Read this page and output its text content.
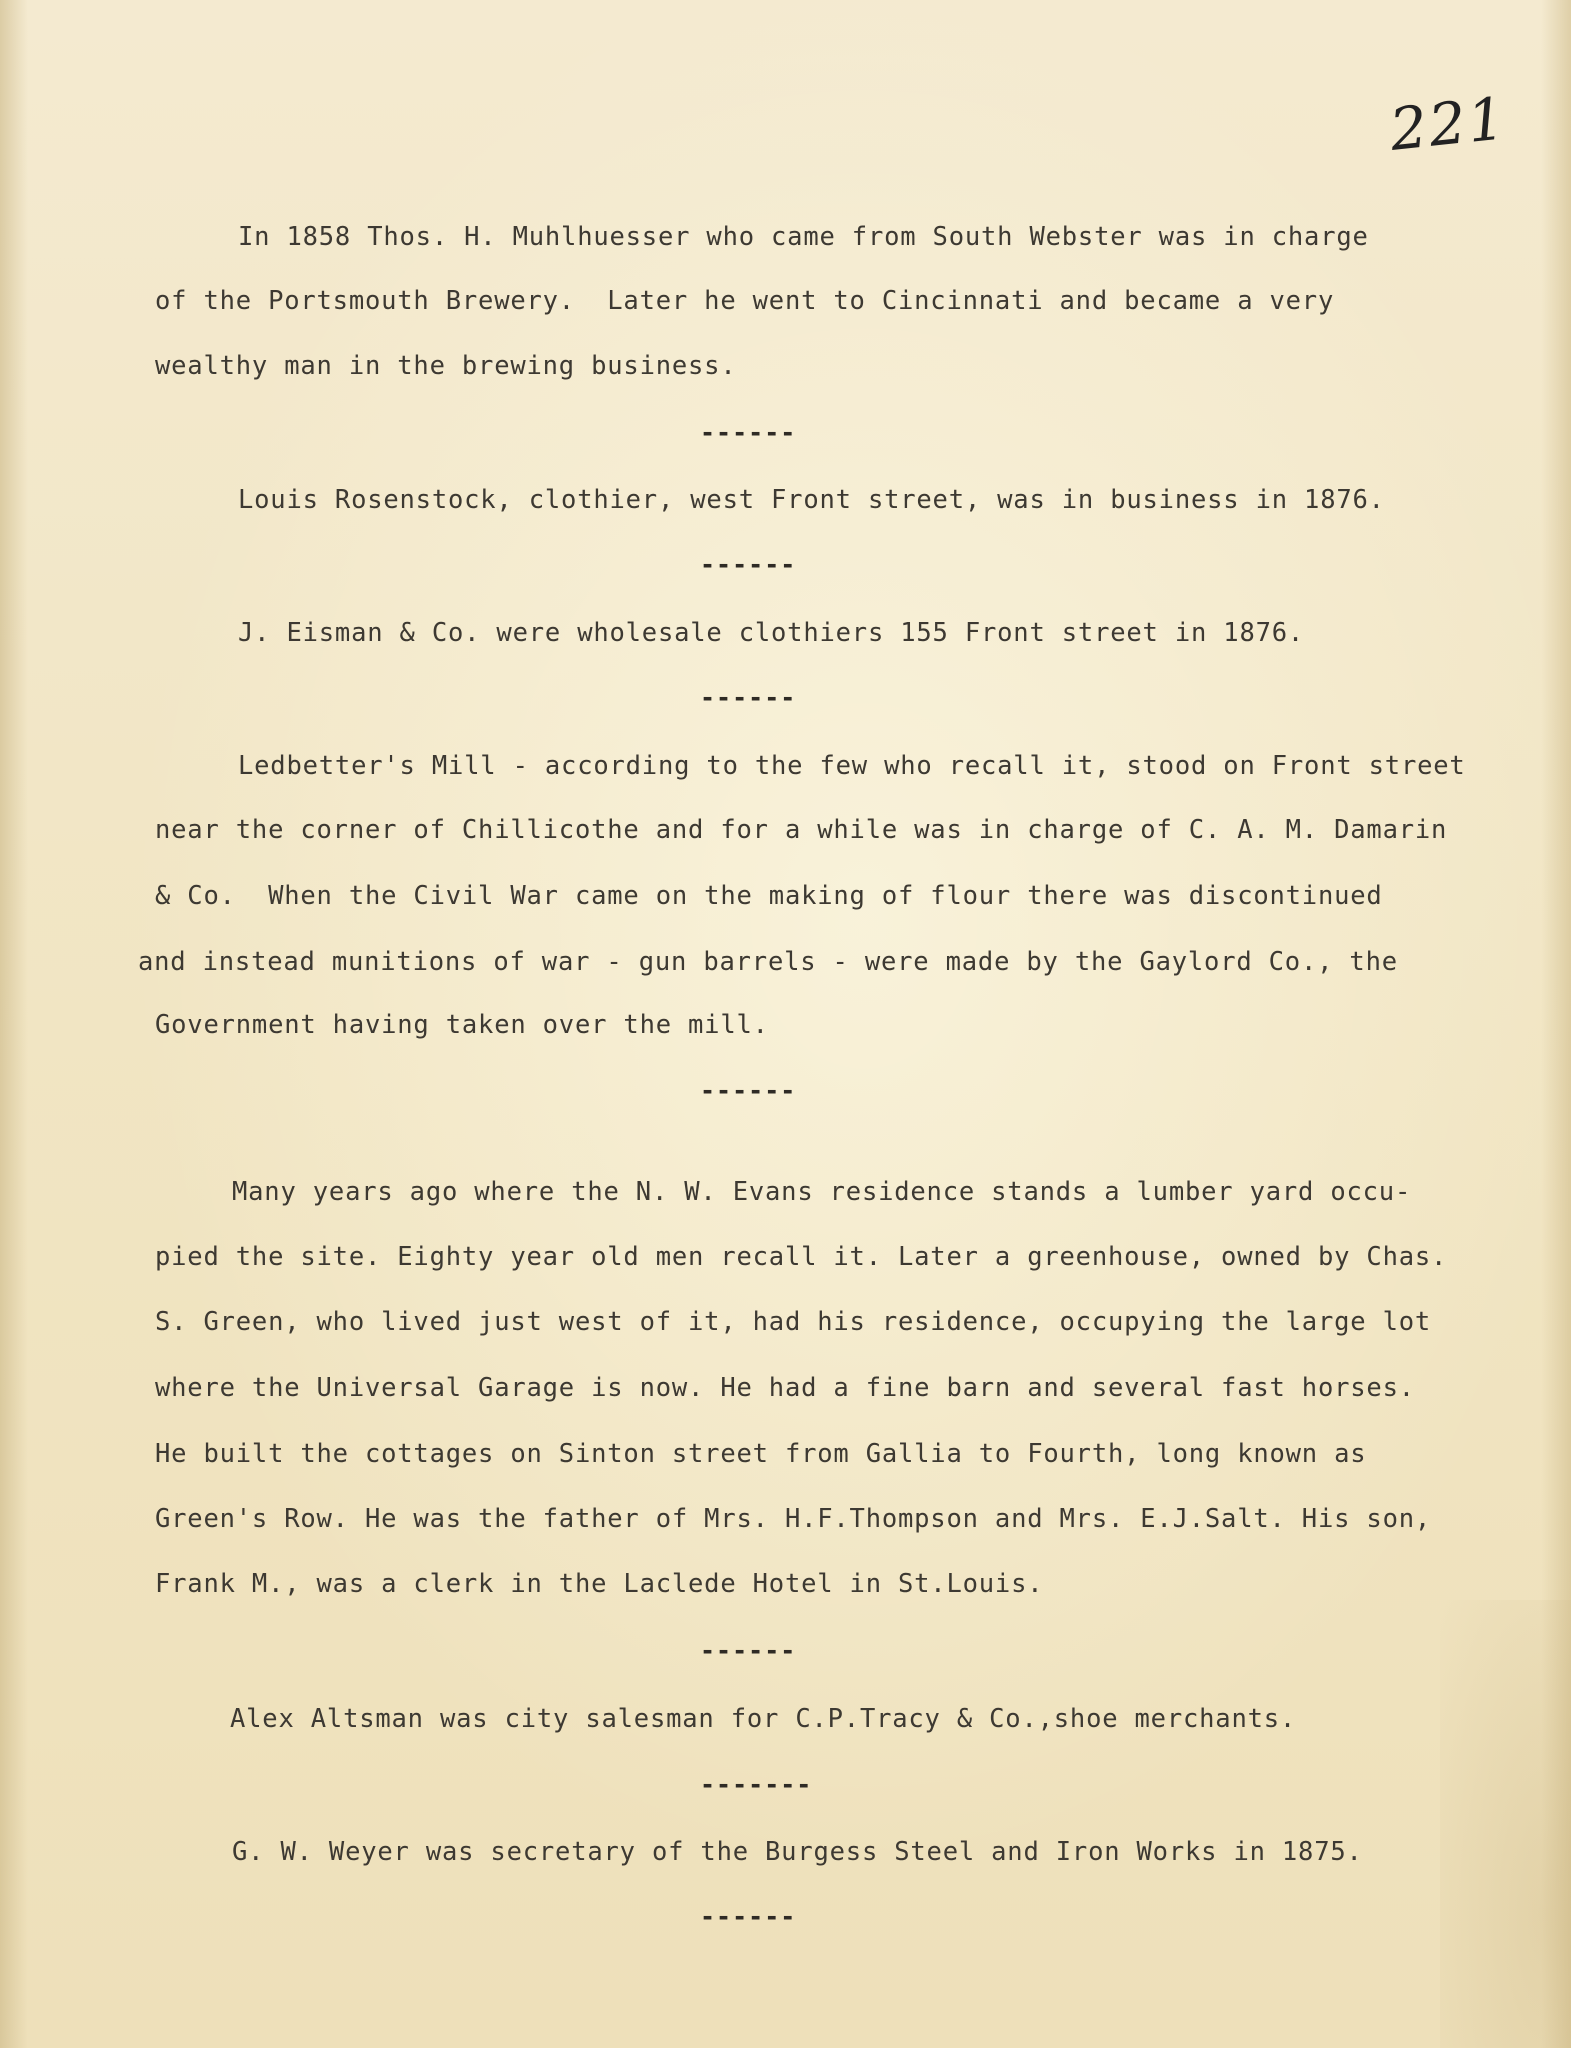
221
In 1858 Thos. H. Muhlhuesser who came from South Webster was in charge
of the Portsmouth Brewery.  Later he went to Cincinnati and became a very
wealthy man in the brewing business.
------
Louis Rosenstock, clothier, west Front street, was in business in 1876.
------
J. Eisman & Co. were wholesale clothiers 155 Front street in 1876.
------
Ledbetter's Mill - according to the few who recall it, stood on Front street
near the corner of Chillicothe and for a while was in charge of C. A. M. Damarin
& Co.  When the Civil War came on the making of flour there was discontinued
and instead munitions of war - gun barrels - were made by the Gaylord Co., the
Government having taken over the mill.
------
Many years ago where the N. W. Evans residence stands a lumber yard occu-
pied the site. Eighty year old men recall it. Later a greenhouse, owned by Chas.
S. Green, who lived just west of it, had his residence, occupying the large lot
where the Universal Garage is now. He had a fine barn and several fast horses.
He built the cottages on Sinton street from Gallia to Fourth, long known as
Green's Row. He was the father of Mrs. H.F.Thompson and Mrs. E.J.Salt. His son,
Frank M., was a clerk in the Laclede Hotel in St.Louis.
------
Alex Altsman was city salesman for C.P.Tracy & Co.,shoe merchants.
-------
G. W. Weyer was secretary of the Burgess Steel and Iron Works in 1875.
------
